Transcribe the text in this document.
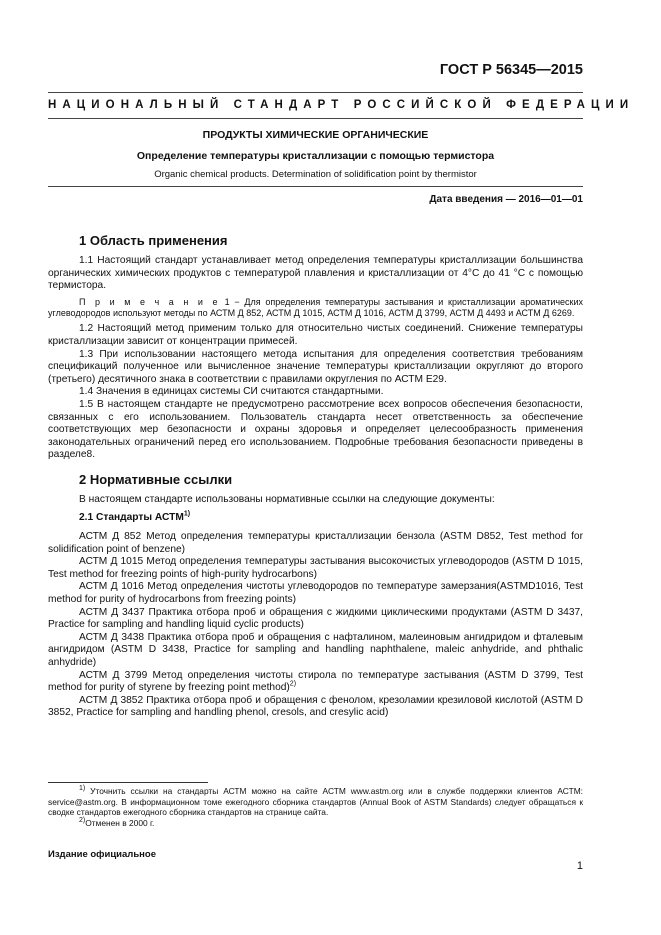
ГОСТ Р 56345—2015
НАЦИОНАЛЬНЫЙ СТАНДАРТ РОССИЙСКОЙ ФЕДЕРАЦИИ
ПРОДУКТЫ ХИМИЧЕСКИЕ ОРГАНИЧЕСКИЕ
Определение температуры кристаллизации с помощью термистора
Organic chemical products. Determination of solidification point by thermistor
Дата введения — 2016—01—01
1 Область применения

1.1 Настоящий стандарт устанавливает метод определения температуры кристаллизации большинства органических химических продуктов с температурой плавления и кристаллизации от 4°С до 41 °С с помощью термистора.

П р и м е ч а н и е 1 − Для определения температуры застывания и кристаллизации ароматических углеводородов используют методы по АСТМ Д 852, АСТМ Д 1015, АСТМ Д 1016, АСТМ Д 3799, АСТМ Д 4493 и АСТМ Д 6269.

1.2 Настоящий метод применим только для относительно чистых соединений. Снижение температуры кристаллизации зависит от концентрации примесей.

1.3 При использовании настоящего метода испытания для определения соответствия требованиям спецификаций полученное или вычисленное значение температуры кристаллизации округляют до второго (третьего) десятичного знака в соответствии с правилами округления по АСТМ E29.

1.4 Значения в единицах системы СИ считаются стандартными.

1.5 В настоящем стандарте не предусмотрено рассмотрение всех вопросов обеспечения безопасности, связанных с его использованием. Пользователь стандарта несет ответственность за обеспечение соответствующих мер безопасности и охраны здоровья и определяет целесообразность применения законодательных ограничений перед его использованием. Подробные требования безопасности приведены в разделе8.

2 Нормативные ссылки

В настоящем стандарте использованы нормативные ссылки на следующие документы:

2.1 Стандарты АСТМ$^{1)}$

АСТМ Д 852 Метод определения температуры кристаллизации бензола (ASTM D852, Test method for solidification point of benzene)

АСТМ Д 1015 Метод определения температуры застывания высокочистых углеводородов (ASTM D 1015, Test method for freezing points of high-purity hydrocarbons)

АСТМ Д 1016 Метод определения чистоты углеводородов по температуре замерзания(ASTMD1016, Test method for purity of hydrocarbons from freezing points)

АСТМ Д 3437 Практика отбора проб и обращения с жидкими циклическими продуктами (ASTM D 3437, Practice for sampling and handling liquid cyclic products)

АСТМ Д 3438 Практика отбора проб и обращения с нафталином, малеиновым ангидридом и фталевым ангидридом (ASTM D 3438, Practice for sampling and handling naphthalene, maleic anhydride, and phthalic anhydride)

АСТМ Д 3799 Метод определения чистоты стирола по температуре застывания (ASTM D 3799, Test method for purity of styrene by freezing point method)$^{2)}$

АСТМ Д 3852 Практика отбора проб и обращения с фенолом, крезоламии крезиловой кислотой (ASTM D 3852, Practice for sampling and handling phenol, cresols, and cresylic acid)

$^{1)}$ Уточнить ссылки на стандарты АСТМ можно на сайте АСТМ www.astm.org или в службе поддержки клиентов АСТМ: service@astm.org. В информационном томе ежегодного сборника стандартов (Annual Book of ASTM Standards) следует обращаться к сводке стандартов ежегодного сборника стандартов на странице сайта.

$^{2)}$Отменен в 2000 г.

Издание официальное
1
